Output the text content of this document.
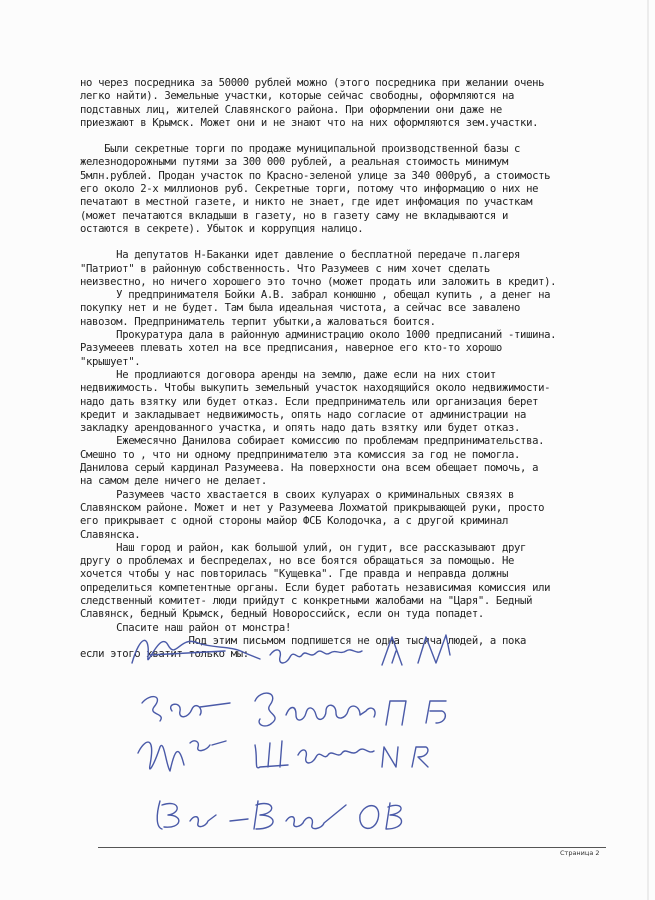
но через посредника за 50000 рублей можно (этого посредника при желании очень
легко найти). Земельные участки, которые сейчас свободны, оформляются на
подставных лиц, жителей Славянского района. При оформлении они даже не
приезжают в Крымск. Может они и не знают что на них оформляются зем.участки.
Были секретные торги по продаже муниципальной производственной базы с
железнодорожными путями за 300 000 рублей, а реальная стоимость минимум
5млн.рублей. Продан участок по Красно-зеленой улице за 340 000руб, а стоимость
его около 2-х миллионов руб. Секретные торги, потому что информацию о них не
печатают в местной газете, и никто не знает, где идет инфомация по участкам
(может печатаются вкладыши в газету, но в газету саму не вкладываются и
остаются в секрете). Убыток и коррупция налицо.
На депутатов Н-Баканки идет давление о бесплатной передаче п.лагеря
"Патриот" в районную собственность. Что Разумеев с ним хочет сделать
неизвестно, но ничего хорошего это точно (может продать или заложить в кредит).
У предпринимателя Бойки А.В. забрал конюшню , обещал купить , а денег на
покупку нет и не будет. Там была идеальная чистота, а сейчас все завалено
навозом. Предприниматель терпит убытки,а жаловаться боится.
Прокуратура дала в районную администрацию около 1000 предписаний -тишина.
Разумееев плевать хотел на все предписания, наверное его кто-то хорошо
"крышует".
Не продлиаются договора аренды на землю, даже если на них стоит
недвижимость. Чтобы выкупить земельный участок находящийся около недвижимости-
надо дать взятку или будет отказ. Если предприниматель или организация берет
кредит и закладывает недвижимость, опять надо согласие от администрации на
закладку арендованного участка, и опять надо дать взятку или будет отказ.
Ежемесячно Данилова собирает комиссию по проблемам предпринимательства.
Смешно то , что ни одному предпринимателю эта комиссия за год не помогла.
Данилова серый кардинал Разумеева. На поверхности она всем обещает помочь, а
на самом деле ничего не делает.
Разумеев часто хвастается в своих кулуарах о криминальных связях в
Славянском районе. Может и нет у Разумеева Лохматой прикрывающей руки, просто
его прикрывает с одной стороны майор ФСБ Колодочка, а с другой криминал
Славянска.
Наш город и район, как большой улий, он гудит, все рассказывают друг
другу о проблемах и беспределах, но все боятся обращаться за помощью. Не
хочется чтобы у нас повторилась "Кущевка". Где правда и неправда должны
определиться компетентные органы. Если будет работать независимая комиссия или
следственный комитет- люди прийдут с конкретными жалобами на "Царя". Бедный
Славянск, бедный Крымск, бедный Новороссийск, если он туда попадет.
Спасите наш район от монстра!
Под этим письмом подпишется не одна тысяча людей, а пока
если этого хватит только мы:
Страница 2
